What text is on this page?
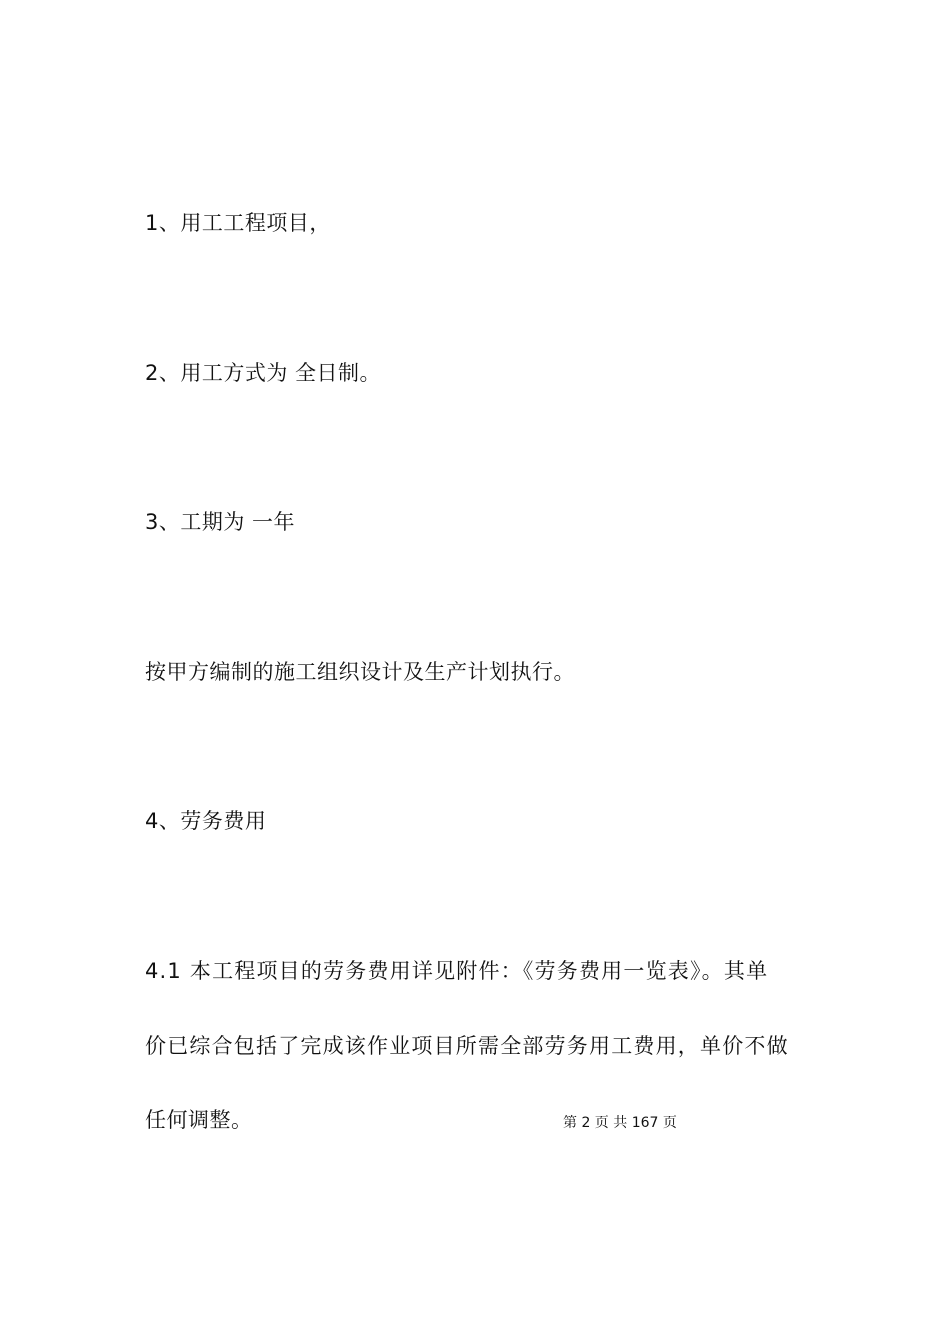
1、用工工程项目，
2、用工方式为 全日制。
3、工期为 一年
按甲方编制的施工组织设计及生产计划执行。
4、劳务费用
4.1 本工程项目的劳务费用详见附件：《劳务费用一览表》。其单
价已综合包括了完成该作业项目所需全部劳务用工费用，单价不做
任何调整。	第 2 页 共 167 页
